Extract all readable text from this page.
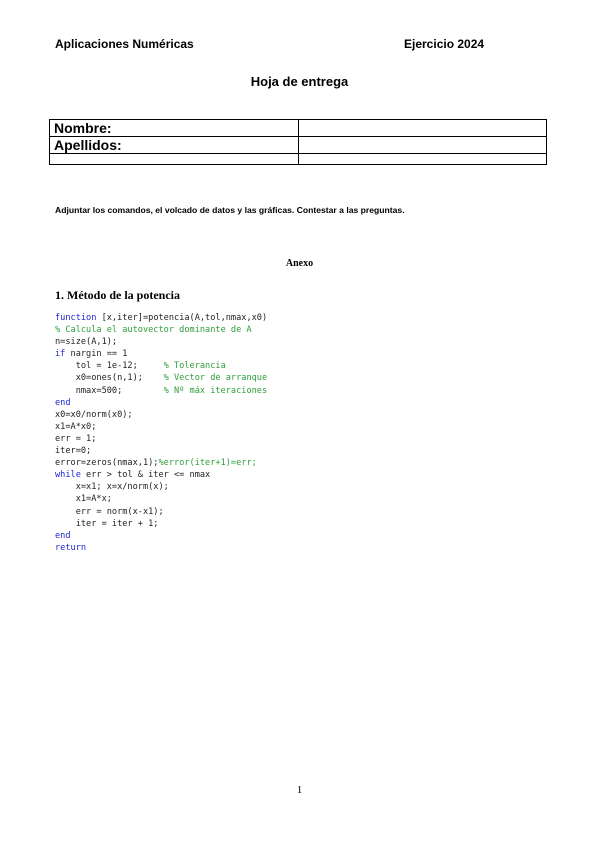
Aplicaciones Numéricas	Ejercicio 2024
Hoja de entrega
Nombre:	
Apellidos:	

Adjuntar los comandos, el volcado de datos y las gráficas. Contestar a las preguntas.
Anexo
1. Método de la potencia
function [x,iter]=potencia(A,tol,nmax,x0)
% Calcula el autovector dominante de A
n=size(A,1);
if nargin == 1
tol = 1e-12;     % Tolerancia
x0=ones(n,1);    % Vector de arranque
nmax=500;        % Nº máx iteraciones
end
x0=x0/norm(x0);
x1=A*x0;
err = 1;
iter=0;
error=zeros(nmax,1);%error(iter+1)=err;
while err > tol & iter <= nmax
x=x1; x=x/norm(x);
x1=A*x;
err = norm(x-x1);
iter = iter + 1;
end
return
1
